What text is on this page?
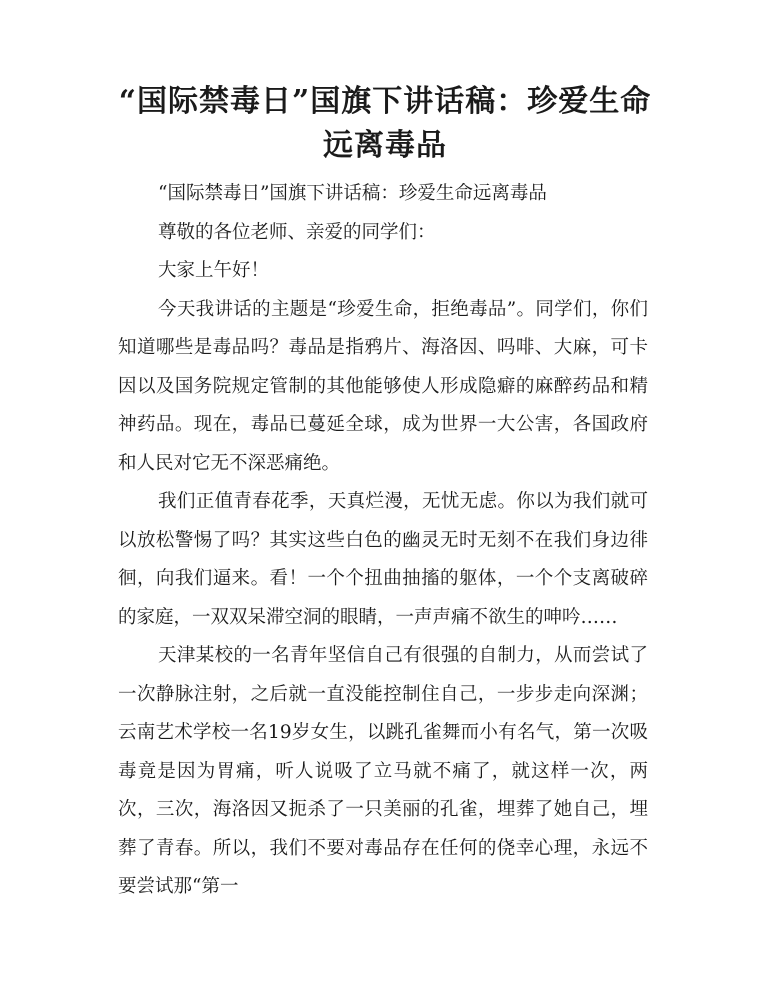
“国际禁毒日”国旗下讲话稿：珍爱生命 远离毒品

“国际禁毒日”国旗下讲话稿：珍爱生命远离毒品

尊敬的各位老师、亲爱的同学们：

大家上午好！

今天我讲话的主题是“珍爱生命，拒绝毒品”。同学们，你们知道哪些是毒品吗？毒品是指鸦片、海洛因、吗啡、大麻，可卡因以及国务院规定管制的其他能够使人形成隐癖的麻醉药品和精神药品。现在，毒品已蔓延全球，成为世界一大公害，各国政府和人民对它无不深恶痛绝。

我们正值青春花季，天真烂漫，无忧无虑。你以为我们就可以放松警惕了吗？其实这些白色的幽灵无时无刻不在我们身边徘徊，向我们逼来。看！一个个扭曲抽搐的躯体，一个个支离破碎的家庭，一双双呆滞空洞的眼睛，一声声痛不欲生的呻吟……

天津某校的一名青年坚信自己有很强的自制力，从而尝试了一次静脉注射，之后就一直没能控制住自己，一步步走向深渊；云南艺术学校一名19岁女生，以跳孔雀舞而小有名气，第一次吸毒竟是因为胃痛，听人说吸了立马就不痛了，就这样一次，两次，三次，海洛因又扼杀了一只美丽的孔雀，埋葬了她自己，埋葬了青春。所以，我们不要对毒品存在任何的侥幸心理，永远不要尝试那“第一
